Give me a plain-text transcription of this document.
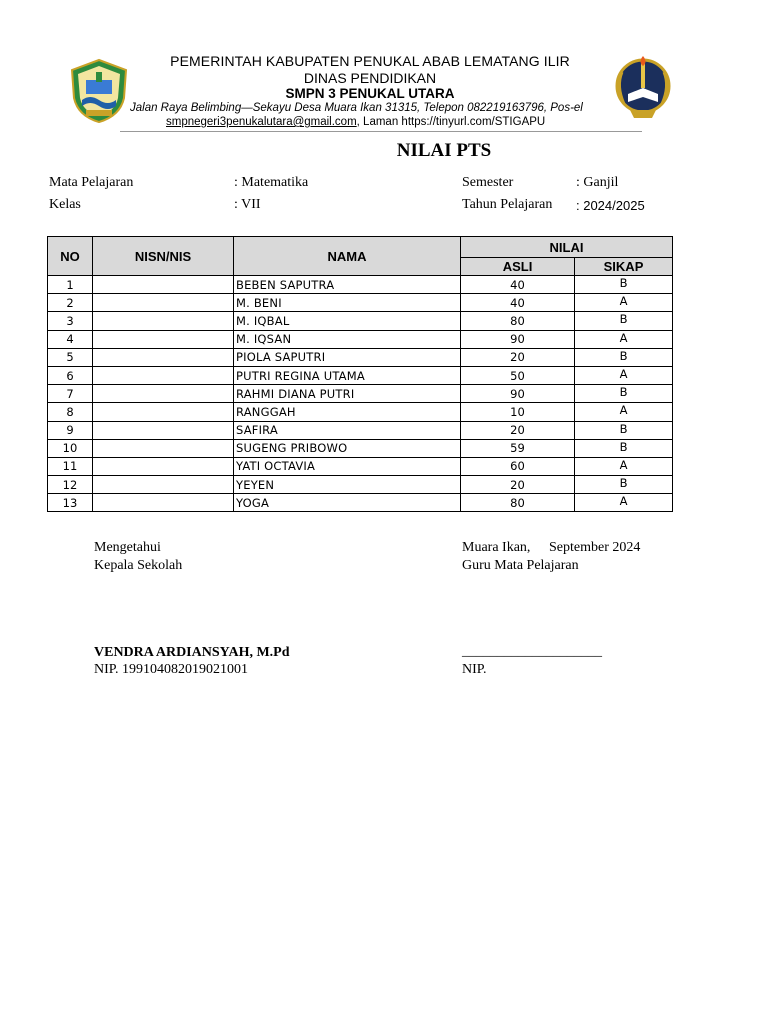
PEMERINTAH KABUPATEN PENUKAL ABAB LEMATANG ILIR
DINAS PENDIDIKAN
SMPN 3 PENUKAL UTARA
Jalan Raya Belimbing—Sekayu Desa Muara Ikan 31315, Telepon 082219163796, Pos-el
smpnegeri3penukalutara@gmail.com, Laman https://tinyurl.com/STIGAPU
NILAI PTS
Mata Pelajaran	: Matematika
Kelas	: VII
Semester	: Ganjil
Tahun Pelajaran : 2024/2025
NO	NISN/NIS	NAMA	NILAI	
			ASLI	SIKAP
1		BEBEN SAPUTRA	40	B
2		M. BENI	40	A
3		M. IQBAL	80	B
4		M. IQSAN	90	A
5		PIOLA SAPUTRI	20	B
6		PUTRI REGINA UTAMA	50	A
7		RAHMI DIANA PUTRI	90	B
8		RANGGAH	10	A
9		SAFIRA	20	B
10		SUGENG PRIBOWO	59	B
11		YATI OCTAVIA	60	A
12		YEYEN	20	B
13		YOGA	80	A
Mengetahui
Kepala Sekolah
VENDRA ARDIANSYAH, M.Pd
NIP. 199104082019021001
Muara Ikan, September 2024
Guru Mata Pelajaran
____________________
NIP.
